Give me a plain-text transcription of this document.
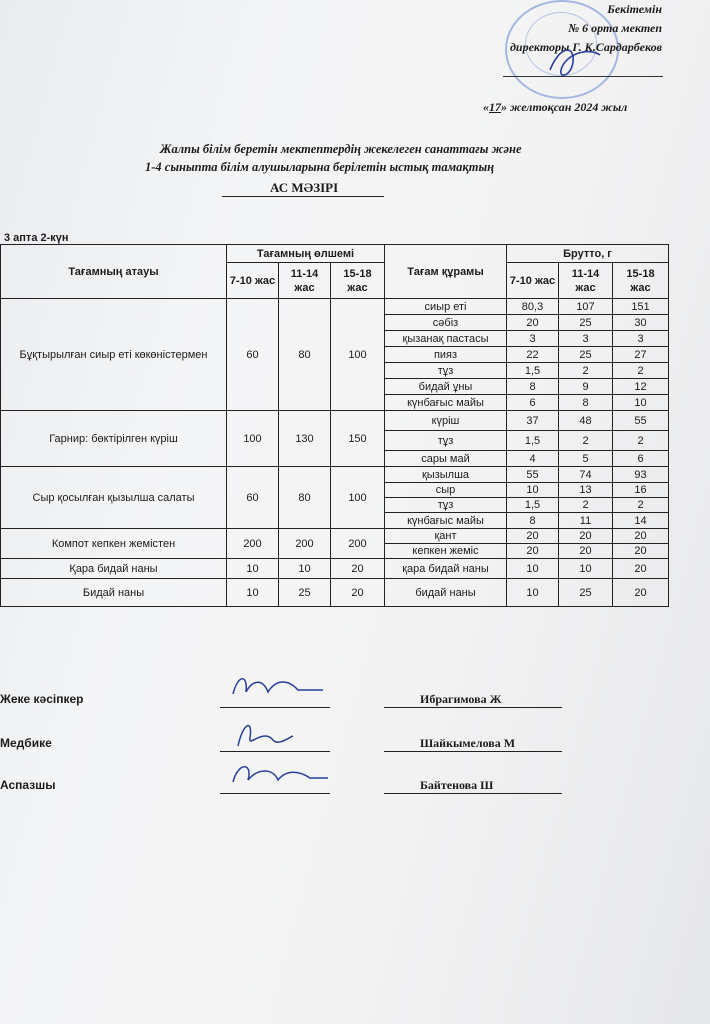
Бекітемін
№ 6 орта мектеп
директоры Г. К.Сардарбеков
«17» желтоқсан 2024 жыл
Жалпы білім беретін мектептердің жекелеген санаттағы және
1-4 сыныпта білім алушыларына берілетін ыстық тамақтың
АС МӘЗІРІ
3 апта 2-күн
Тағамның атауы	Тағамның өлшемі			Тағам құрамы	Брутто, г		
	7-10 жас	11-14 жас	15-18 жас		7-10 жас	11-14 жас	15-18 жас

Бұқтырылған сиыр еті көкөністермен	60	80	100	сиыр еті	80,3	107	151
				сәбіз	20	25	30
				қызанақ пастасы	3	3	3
				пияз	22	25	27
				тұз	1,5	2	2
				бидай ұны	8	9	12
				күнбағыс майы	6	8	10
Гарнир: бөктірілген күріш	100	130	150	күріш	37	48	55
				тұз	1,5	2	2
				сары май	4	5	6
Сыр қосылған қызылша салаты	60	80	100	қызылша	55	74	93
				сыр	10	13	16
				тұз	1,5	2	2
				күнбағыс майы	8	11	14
Компот кепкен жемістен	200	200	200	қант	20	20	20
				кепкен жеміс	20	20	20
Қара бидай наны	10	10	20	қара бидай наны	10	10	20
Бидай наны	10	25	20	бидай наны	10	25	20
Жеке кәсіпкер	Ибрагимова Ж
Медбике	Шайкымелова М
Аспазшы	Байтенова Ш
